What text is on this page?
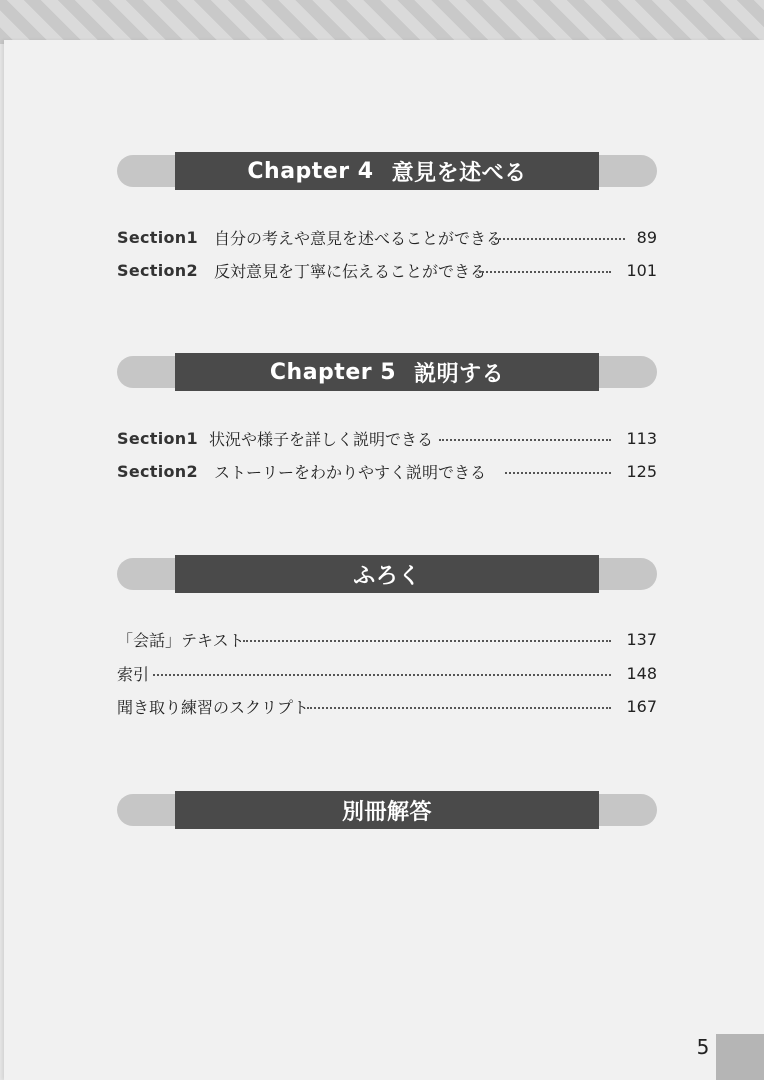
Chapter 4 意見を述べる
Section1	自分の考えや意見を述べることができる	89
Section2	反対意見を丁寧に伝えることができる	101
Chapter 5 説明する
Section1 状況や様子を詳しく説明できる	113
Section2	ストーリーをわかりやすく説明できる	125
ふろく
「会話」テキスト	137
索引	148
聞き取り練習のスクリプト	167
別冊解答
5
